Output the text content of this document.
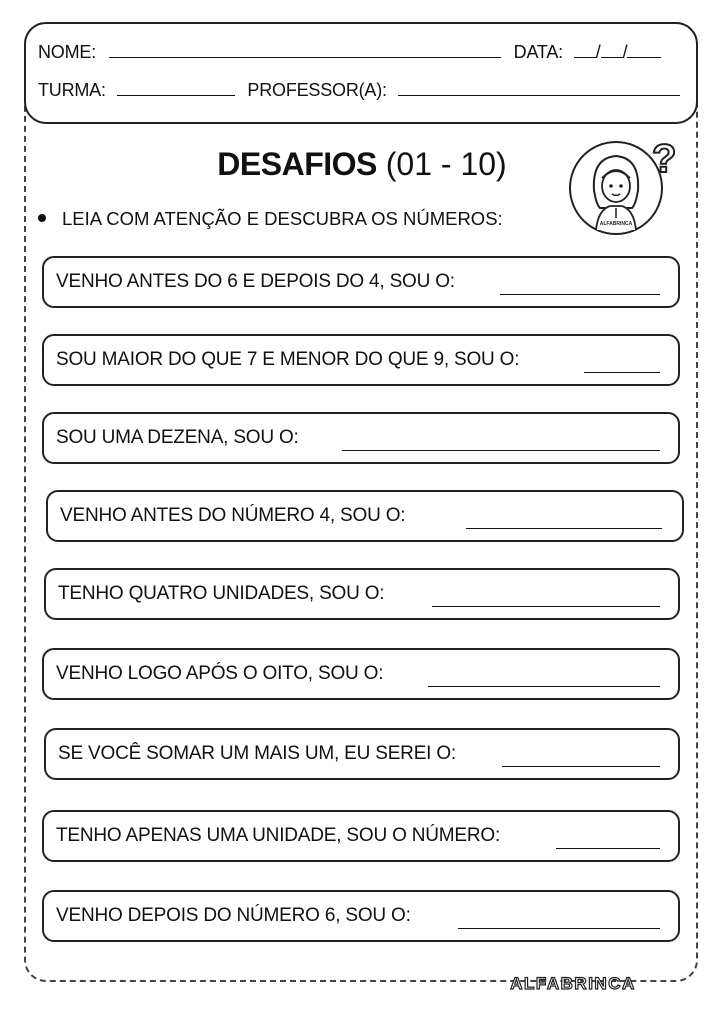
NOME:	DATA: / /
TURMA:	PROFESSOR(A):
DESAFIOS (01 - 10)
LEIA COM ATENÇÃO E DESCUBRA OS NÚMEROS:
?
ALFABRINCA
VENHO ANTES DO 6 E DEPOIS DO 4, SOU O:
SOU MAIOR DO QUE 7 E MENOR DO QUE 9, SOU O:
SOU UMA DEZENA, SOU O:
VENHO ANTES DO NÚMERO 4, SOU O:
TENHO QUATRO UNIDADES, SOU O:
VENHO LOGO APÓS O OITO, SOU O:
SE VOCÊ SOMAR UM MAIS UM, EU SEREI O:
TENHO APENAS UMA UNIDADE, SOU O NÚMERO:
VENHO DEPOIS DO NÚMERO 6, SOU O:
ALFABRINCA
